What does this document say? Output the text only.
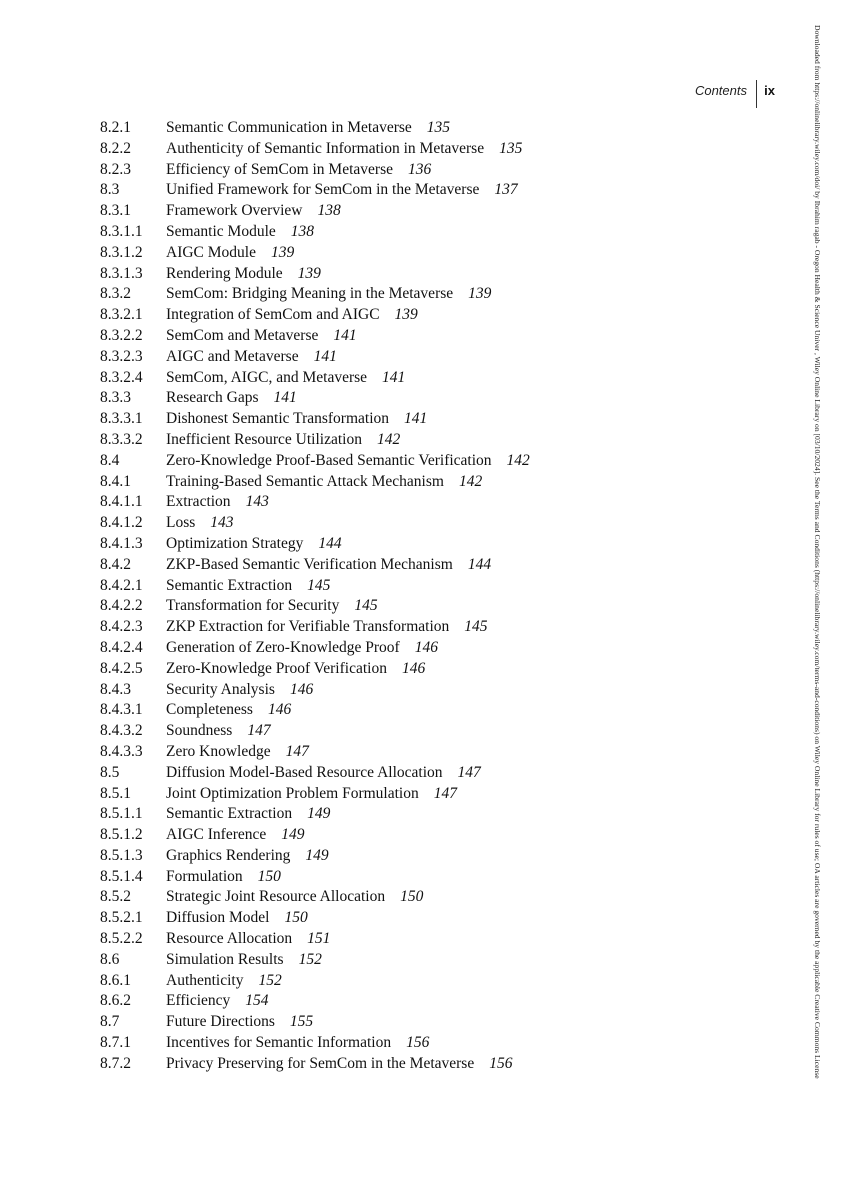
Contents ix
8.2.1	Semantic Communication in Metaverse 135
8.2.2	Authenticity of Semantic Information in Metaverse 135
8.2.3	Efficiency of SemCom in Metaverse 136
8.3	Unified Framework for SemCom in the Metaverse 137
8.3.1	Framework Overview 138
8.3.1.1	Semantic Module 138
8.3.1.2	AIGC Module 139
8.3.1.3	Rendering Module 139
8.3.2	SemCom: Bridging Meaning in the Metaverse 139
8.3.2.1	Integration of SemCom and AIGC 139
8.3.2.2	SemCom and Metaverse 141
8.3.2.3	AIGC and Metaverse 141
8.3.2.4	SemCom, AIGC, and Metaverse 141
8.3.3	Research Gaps 141
8.3.3.1	Dishonest Semantic Transformation 141
8.3.3.2	Inefficient Resource Utilization 142
8.4	Zero-Knowledge Proof-Based Semantic Verification 142
8.4.1	Training-Based Semantic Attack Mechanism 142
8.4.1.1	Extraction 143
8.4.1.2	Loss 143
8.4.1.3	Optimization Strategy 144
8.4.2	ZKP-Based Semantic Verification Mechanism 144
8.4.2.1	Semantic Extraction 145
8.4.2.2	Transformation for Security 145
8.4.2.3	ZKP Extraction for Verifiable Transformation 145
8.4.2.4	Generation of Zero-Knowledge Proof 146
8.4.2.5	Zero-Knowledge Proof Verification 146
8.4.3	Security Analysis 146
8.4.3.1	Completeness 146
8.4.3.2	Soundness 147
8.4.3.3	Zero Knowledge 147
8.5	Diffusion Model-Based Resource Allocation 147
8.5.1	Joint Optimization Problem Formulation 147
8.5.1.1	Semantic Extraction 149
8.5.1.2	AIGC Inference 149
8.5.1.3	Graphics Rendering 149
8.5.1.4	Formulation 150
8.5.2	Strategic Joint Resource Allocation 150
8.5.2.1	Diffusion Model 150
8.5.2.2	Resource Allocation 151
8.6	Simulation Results 152
8.6.1	Authenticity 152
8.6.2	Efficiency 154
8.7	Future Directions 155
8.7.1	Incentives for Semantic Information 156
8.7.2	Privacy Preserving for SemCom in the Metaverse 156	Downloaded from https://onlinelibrary.wiley.com/doi/ by Ibrahim ragab - Oregon Health & Science Univer , Wiley Online Library on [03/10/2024]. See the Terms and Conditions (https://onlinelibrary.wiley.com/terms-and-conditions) on Wiley Online Library for rules of use; OA articles are governed by the applicable Creative Commons License
